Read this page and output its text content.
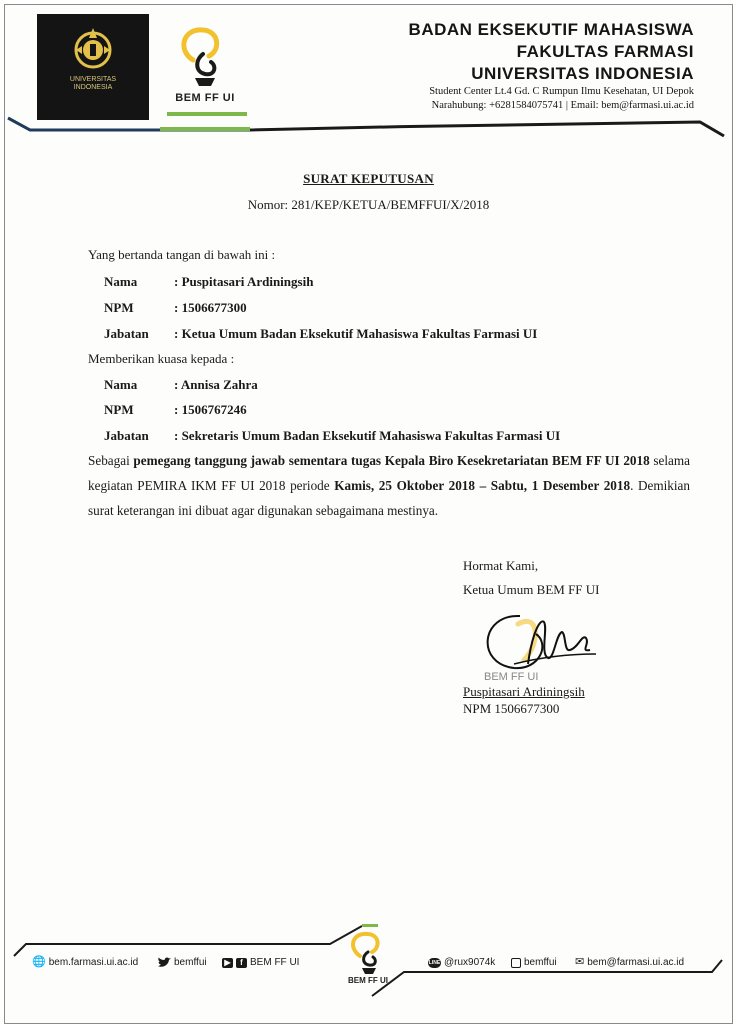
UNIVERSITAS
INDONESIA
BEM FF UI
BADAN EKSEKUTIF MAHASISWA
FAKULTAS FARMASI
UNIVERSITAS INDONESIA
Student Center Lt.4 Gd. C Rumpun Ilmu Kesehatan, UI Depok
Narahubung: +6281584075741 | Email: bem@farmasi.ui.ac.id
SURAT KEPUTUSAN
Nomor: 281/KEP/KETUA/BEMFFUI/X/2018
Yang bertanda tangan di bawah ini :
Nama	: Puspitasari Ardiningsih
NPM	: 1506677300
Jabatan : Ketua Umum Badan Eksekutif Mahasiswa Fakultas Farmasi UI
Memberikan kuasa kepada :
Nama	: Annisa Zahra
NPM	: 1506767246
Jabatan : Sekretaris Umum Badan Eksekutif Mahasiswa Fakultas Farmasi UI
Sebagai pemegang tanggung jawab sementara tugas Kepala Biro Kesekretariatan BEM FF UI 2018 selama kegiatan PEMIRA IKM FF UI 2018 periode Kamis, 25 Oktober 2018 – Sabtu, 1 Desember 2018. Demikian surat keterangan ini dibuat agar digunakan sebagaimana mestinya.
Hormat Kami,
Ketua Umum BEM FF UI
BEM FF UI
Puspitasari Ardiningsih
NPM 1506677300
BEM FF UI
🌐 bem.farmasi.ui.ac.id	bemffui	▶	f BEM FF UI	LINE @rux9074k	bemffui ✉ bem@farmasi.ui.ac.id
